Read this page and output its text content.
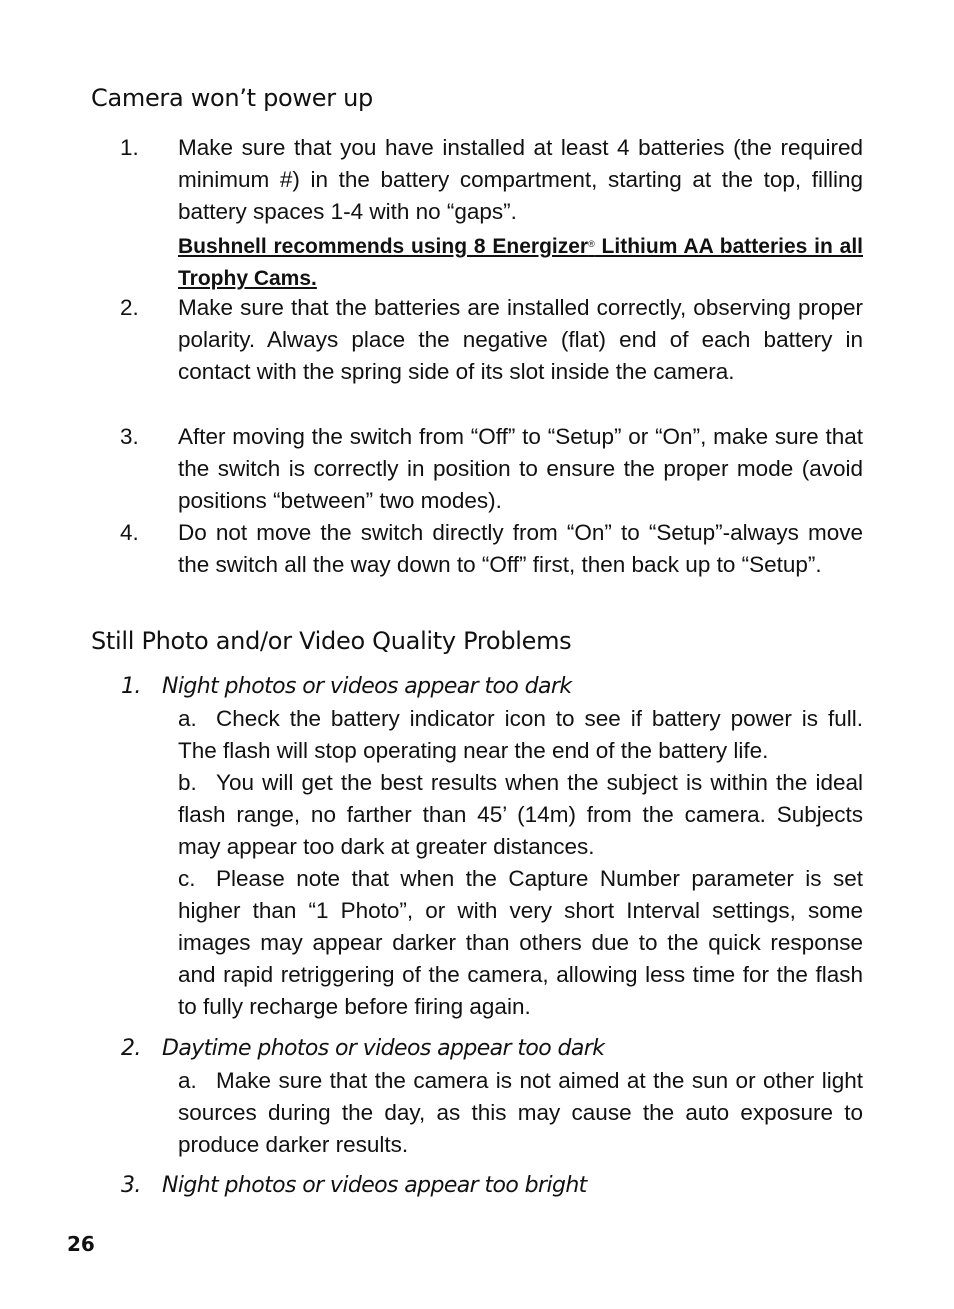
Camera won’t power up
1. Make sure that you have installed at least 4 batteries (the required minimum #) in the battery compartment, starting at the top, filling battery spaces 1-4 with no “gaps”.
Bushnell recommends using 8 Energizer® Lithium AA batteries in all Trophy Cams.
2. Make sure that the batteries are installed correctly, observing proper polarity. Always place the negative (flat) end of each battery in contact with the spring side of its slot inside the camera.

3. After moving the switch from “Off” to “Setup” or “On”, make sure that the switch is correctly in position to ensure the proper mode (avoid positions “between” two modes).

4. Do not move the switch directly from “On” to “Setup”-always move the switch all the way down to “Off” first, then back up to “Setup”.

Still Photo and/or Video Quality Problems
1. Night photos or videos appear too dark

a. Check the battery indicator icon to see if battery power is full. The flash will stop operating near the end of the battery life.

b. You will get the best results when the subject is within the ideal flash range, no farther than 45’ (14m) from the camera. Subjects may appear too dark at greater distances.

c. Please note that when the Capture Number parameter is set higher than “1 Photo”, or with very short Interval settings, some images may appear darker than others due to the quick response and rapid retriggering of the camera, allowing less time for the flash to fully recharge before firing again.

2. Daytime photos or videos appear too dark

a. Make sure that the camera is not aimed at the sun or other light sources during the day, as this may cause the auto exposure to produce darker results.

3. Night photos or videos appear too bright
26
